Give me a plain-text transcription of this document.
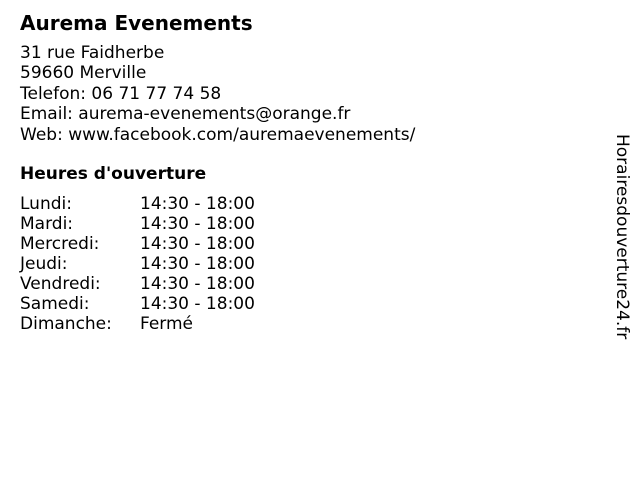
Aurema Evenements
31 rue Faidherbe
59660 Merville
Telefon: 06 71 77 74 58
Email: aurema-evenements@orange.fr
Web: www.facebook.com/auremaevenements/
Heures d'ouverture
Lundi:	14:30 - 18:00
Mardi:	14:30 - 18:00
Mercredi: 14:30 - 18:00
Jeudi:	14:30 - 18:00
Vendredi: 14:30 - 18:00
Samedi:	14:30 - 18:00
Dimanche: Fermé	Horairesdouverture24.fr
